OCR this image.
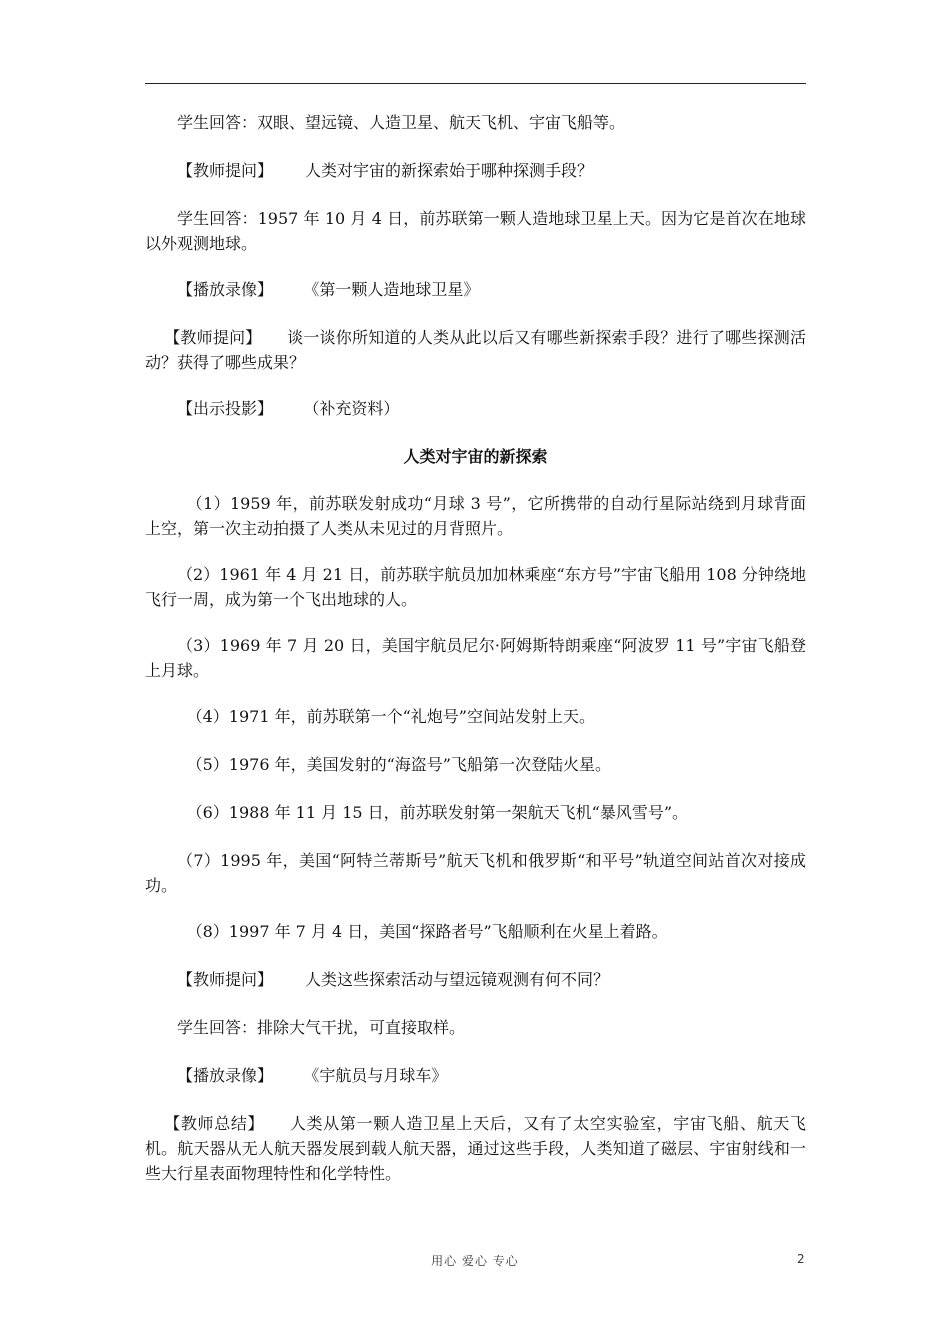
学生回答：双眼、望远镜、人造卫星、航天飞机、宇宙飞船等。

【教师提问】 人类对宇宙的新探索始于哪种探测手段？

学生回答：1957 年 10 月 4 日，前苏联第一颗人造地球卫星上天。因为它是首次在地球以外观测地球。

【播放录像】 《第一颗人造地球卫星》

【教师提问】 谈一谈你所知道的人类从此以后又有哪些新探索手段？进行了哪些探测活动？获得了哪些成果？

【出示投影】 （补充资料）

人类对宇宙的新探索

（1）1959 年，前苏联发射成功“月球 3 号”，它所携带的自动行星际站绕到月球背面上空，第一次主动拍摄了人类从未见过的月背照片。

（2）1961 年 4 月 21 日，前苏联宇航员加加林乘座“东方号”宇宙飞船用 108 分钟绕地飞行一周，成为第一个飞出地球的人。

（3）1969 年 7 月 20 日，美国宇航员尼尔·阿姆斯特朗乘座“阿波罗 11 号”宇宙飞船登上月球。

（4）1971 年，前苏联第一个“礼炮号”空间站发射上天。

（5）1976 年，美国发射的“海盗号”飞船第一次登陆火星。

（6）1988 年 11 月 15 日，前苏联发射第一架航天飞机“暴风雪号”。

（7）1995 年，美国“阿特兰蒂斯号”航天飞机和俄罗斯“和平号”轨道空间站首次对接成功。

（8）1997 年 7 月 4 日，美国“探路者号”飞船顺利在火星上着路。

【教师提问】 人类这些探索活动与望远镜观测有何不同？

学生回答：排除大气干扰，可直接取样。

【播放录像】 《宇航员与月球车》

【教师总结】 人类从第一颗人造卫星上天后，又有了太空实验室，宇宙飞船、航天飞机。航天器从无人航天器发展到载人航天器，通过这些手段，人类知道了磁层、宇宙射线和一些大行星表面物理特性和化学特性。

用心 爱心 专心	2
